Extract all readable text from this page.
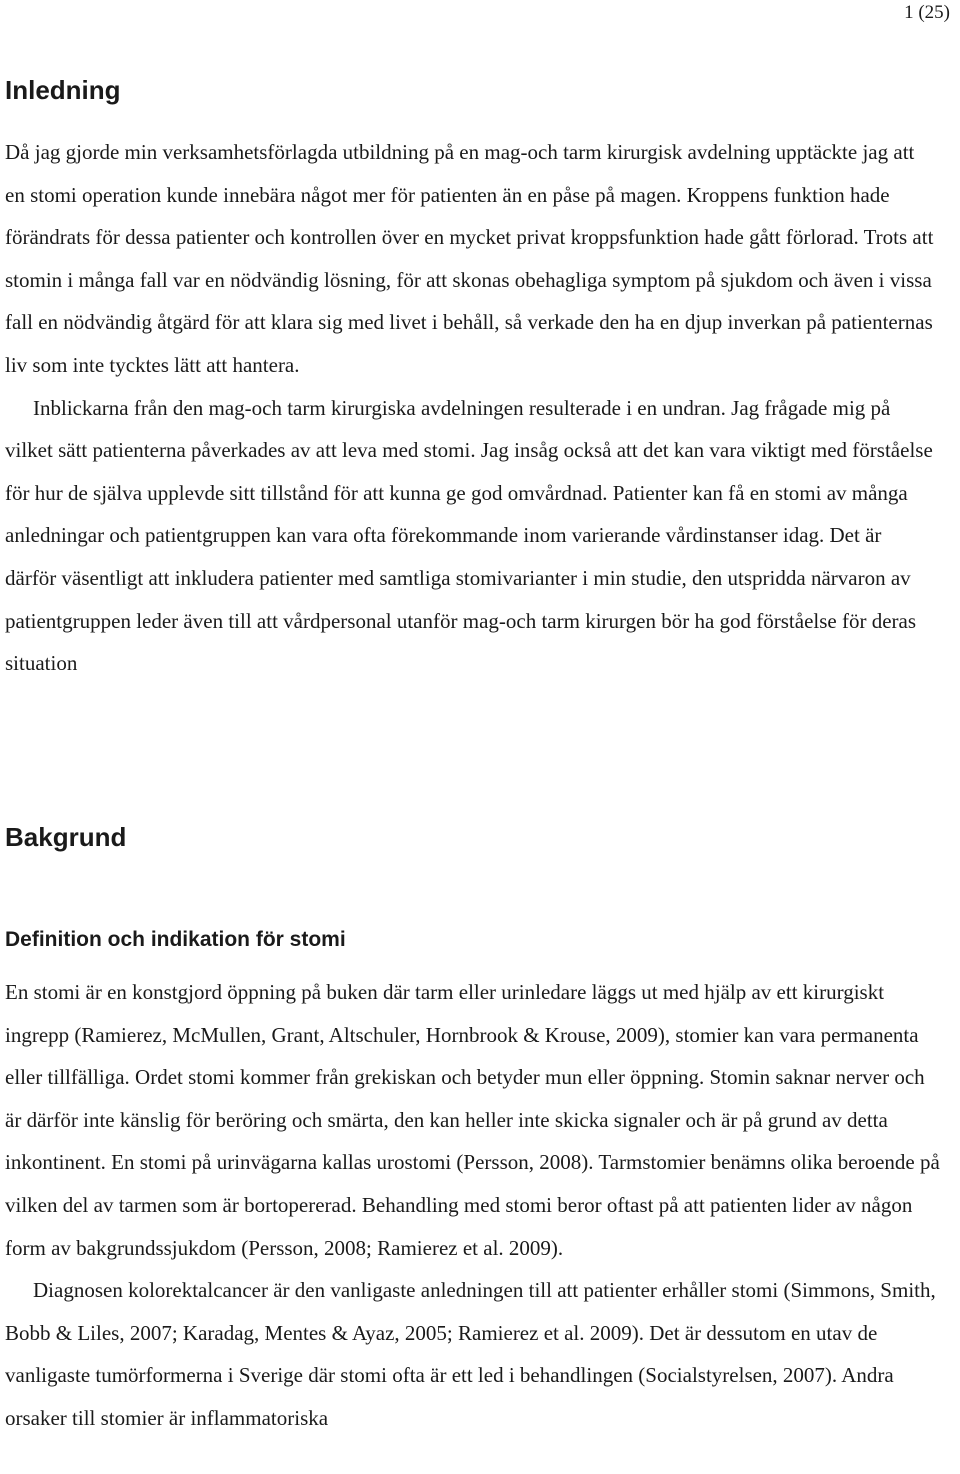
1 (25)
Inledning

Då jag gjorde min verksamhetsförlagda utbildning på en mag-och tarm kirurgisk avdelning upptäckte jag att en stomi operation kunde innebära något mer för patienten än en påse på magen. Kroppens funktion hade förändrats för dessa patienter och kontrollen över en mycket privat kroppsfunktion hade gått förlorad. Trots att stomin i många fall var en nödvändig lösning, för att skonas obehagliga symptom på sjukdom och även i vissa fall en nödvändig åtgärd för att klara sig med livet i behåll, så verkade den ha en djup inverkan på patienternas liv som inte tycktes lätt att hantera.

Inblickarna från den mag-och tarm kirurgiska avdelningen resulterade i en undran. Jag frågade mig på vilket sätt patienterna påverkades av att leva med stomi. Jag insåg också att det kan vara viktigt med förståelse för hur de själva upplevde sitt tillstånd för att kunna ge god omvårdnad. Patienter kan få en stomi av många anledningar och patientgruppen kan vara ofta förekommande inom varierande vårdinstanser idag. Det är därför väsentligt att inkludera patienter med samtliga stomivarianter i min studie, den utspridda närvaron av patientgruppen leder även till att vårdpersonal utanför mag-och tarm kirurgen bör ha god förståelse för deras situation

Bakgrund
Definition och indikation för stomi

En stomi är en konstgjord öppning på buken där tarm eller urinledare läggs ut med hjälp av ett kirurgiskt ingrepp (Ramierez, McMullen, Grant, Altschuler, Hornbrook & Krouse, 2009), stomier kan vara permanenta eller tillfälliga. Ordet stomi kommer från grekiskan och betyder mun eller öppning. Stomin saknar nerver och är därför inte känslig för beröring och smärta, den kan heller inte skicka signaler och är på grund av detta inkontinent. En stomi på urinvägarna kallas urostomi (Persson, 2008). Tarmstomier benämns olika beroende på vilken del av tarmen som är bortopererad. Behandling med stomi beror oftast på att patienten lider av någon form av bakgrundssjukdom (Persson, 2008; Ramierez et al. 2009).

Diagnosen kolorektalcancer är den vanligaste anledningen till att patienter erhåller stomi (Simmons, Smith, Bobb & Liles, 2007; Karadag, Mentes & Ayaz, 2005; Ramierez et al. 2009). Det är dessutom en utav de vanligaste tumörformerna i Sverige där stomi ofta är ett led i behandlingen (Socialstyrelsen, 2007). Andra orsaker till stomier är inflammatoriska
